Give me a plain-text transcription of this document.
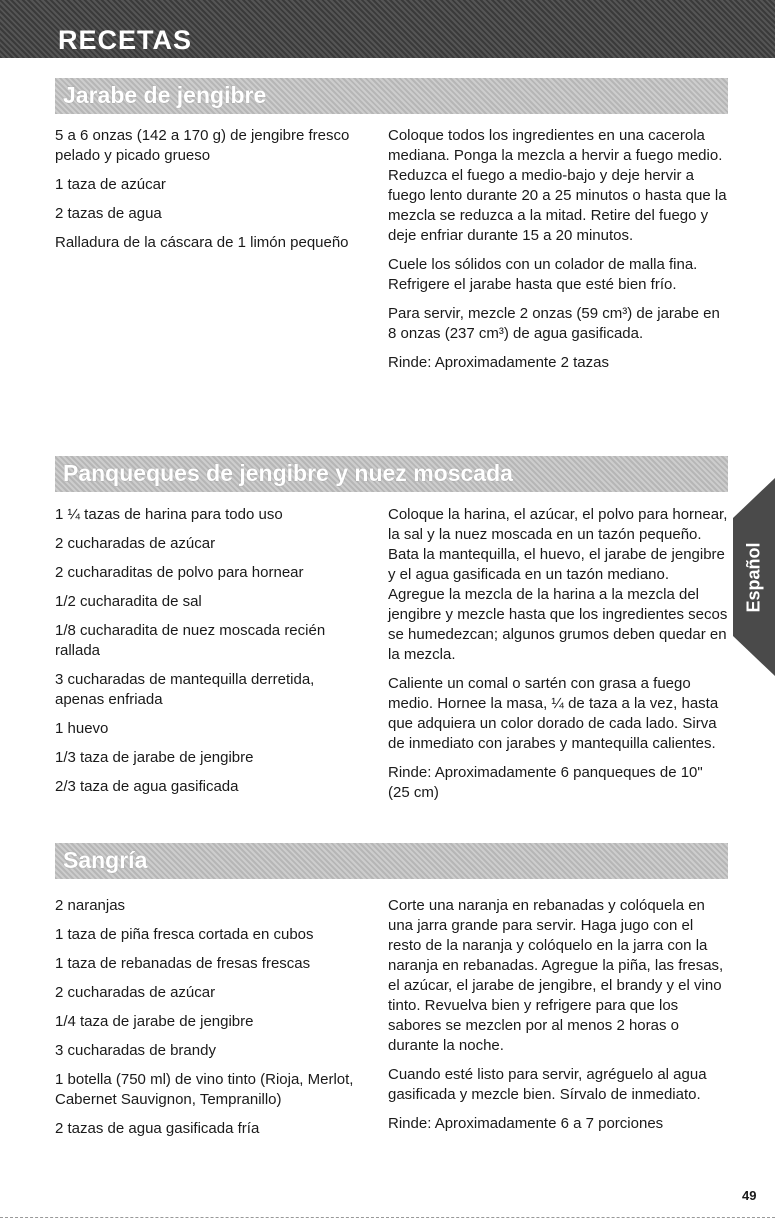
RECETAS
Jarabe de jengibre

5 a 6 onzas (142 a 170 g) de jengibre fresco pelado y picado grueso

1 taza de azúcar

2 tazas de agua

Ralladura de la cáscara de 1 limón pequeño

Coloque todos los ingredientes en una cacerola mediana. Ponga la mezcla a hervir a fuego medio. Reduzca el fuego a medio-bajo y deje hervir a fuego lento durante 20 a 25 minutos o hasta que la mezcla se reduzca a la mitad. Retire del fuego y deje enfriar durante 15 a 20 minutos.

Cuele los sólidos con un colador de malla fina. Refrigere el jarabe hasta que esté bien frío.

Para servir, mezcle 2 onzas (59 cm³) de jarabe en 8 onzas (237 cm³) de agua gasificada.

Rinde: Aproximadamente 2 tazas

Panqueques de jengibre y nuez moscada

1 ¼ tazas de harina para todo uso

2 cucharadas de azúcar

2 cucharaditas de polvo para hornear

1/2 cucharadita de sal

1/8 cucharadita de nuez moscada recién rallada

3 cucharadas de mantequilla derretida, apenas enfriada

1 huevo

1/3 taza de jarabe de jengibre

2/3 taza de agua gasificada

Coloque la harina, el azúcar, el polvo para hornear, la sal y la nuez moscada en un tazón pequeño. Bata la mantequilla, el huevo, el jarabe de jengibre y el agua gasificada en un tazón mediano. Agregue la mezcla de la harina a la mezcla del jengibre y mezcle hasta que los ingredientes secos se humedezcan; algunos grumos deben quedar en la mezcla.

Caliente un comal o sartén con grasa a fuego medio. Hornee la masa, ¼ de taza a la vez, hasta que adquiera un color dorado de cada lado. Sirva de inmediato con jarabes y mantequilla calientes.

Rinde: Aproximadamente 6 panqueques de 10" (25 cm)

Sangría

2 naranjas

1 taza de piña fresca cortada en cubos

1 taza de rebanadas de fresas frescas

2 cucharadas de azúcar

1/4 taza de jarabe de jengibre

3 cucharadas de brandy

1 botella (750 ml) de vino tinto (Rioja, Merlot, Cabernet Sauvignon, Tempranillo)

2 tazas de agua gasificada fría

Corte una naranja en rebanadas y colóquela en una jarra grande para servir. Haga jugo con el resto de la naranja y colóquelo en la jarra con la naranja en rebanadas. Agregue la piña, las fresas, el azúcar, el jarabe de jengibre, el brandy y el vino tinto. Revuelva bien y refrigere para que los sabores se mezclen por al menos 2 horas o durante la noche.

Cuando esté listo para servir, agréguelo al agua gasificada y mezcle bien. Sírvalo de inmediato.

Rinde: Aproximadamente 6 a 7 porciones

Español
49
